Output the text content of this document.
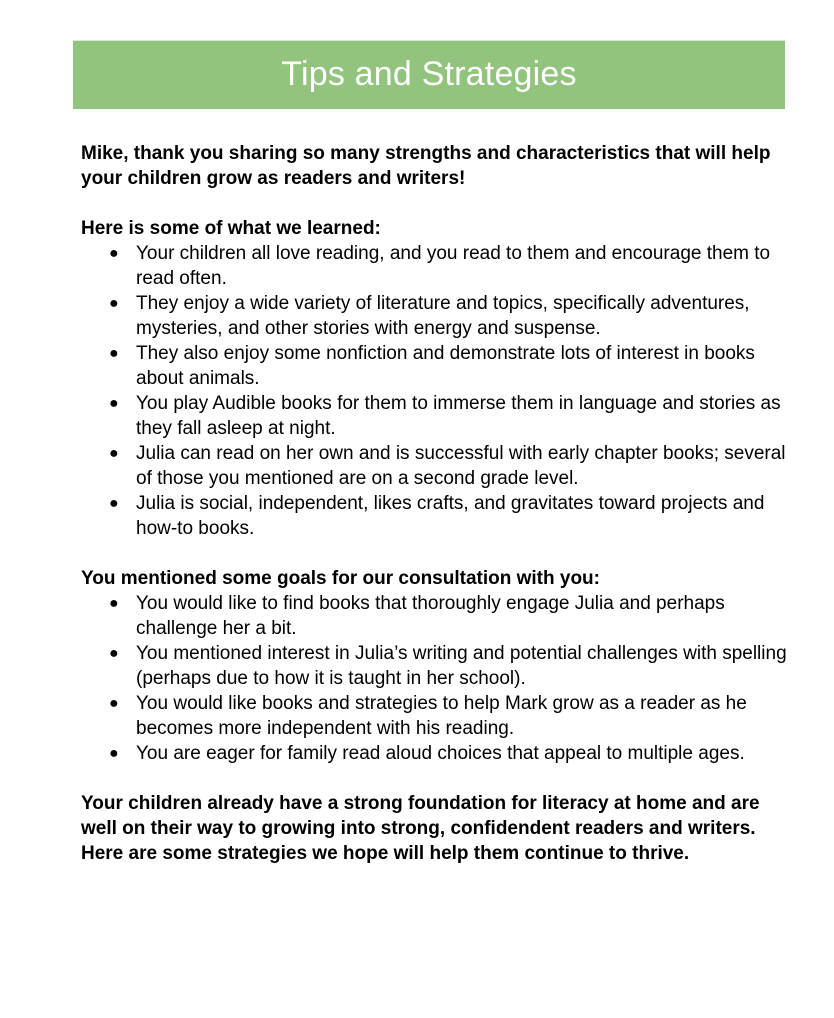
Tips and Strategies

Mike, thank you sharing so many strengths and characteristics that will help your children grow as readers and writers!

Here is some of what we learned:

● Your children all love reading, and you read to them and encourage them to read often.
● They enjoy a wide variety of literature and topics, specifically adventures, mysteries, and other stories with energy and suspense.
● They also enjoy some nonfiction and demonstrate lots of interest in books about animals.
● You play Audible books for them to immerse them in language and stories as they fall asleep at night.
● Julia can read on her own and is successful with early chapter books; several of those you mentioned are on a second grade level.
● Julia is social, independent, likes crafts, and gravitates toward projects and how-to books.

You mentioned some goals for our consultation with you:

● You would like to find books that thoroughly engage Julia and perhaps challenge her a bit.
● You mentioned interest in Julia’s writing and potential challenges with spelling (perhaps due to how it is taught in her school).
● You would like books and strategies to help Mark grow as a reader as he becomes more independent with his reading.
● You are eager for family read aloud choices that appeal to multiple ages.

Your children already have a strong foundation for literacy at home and are well on their way to growing into strong, confidendent readers and writers. Here are some strategies we hope will help them continue to thrive.
